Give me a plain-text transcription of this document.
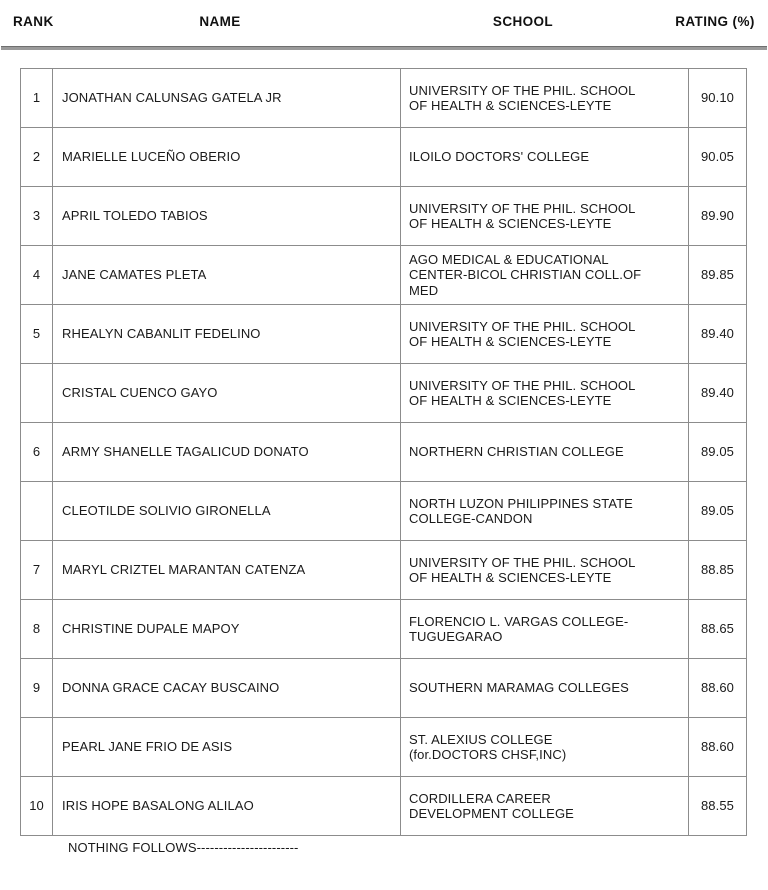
RANK	NAME	SCHOOL	RATING (%)
1	JONATHAN CALUNSAG GATELA JR	UNIVERSITY OF THE PHIL. SCHOOL
OF HEALTH & SCIENCES-LEYTE	90.10
2	MARIELLE LUCEÑO OBERIO	ILOILO DOCTORS' COLLEGE	90.05
3	APRIL TOLEDO TABIOS	UNIVERSITY OF THE PHIL. SCHOOL
OF HEALTH & SCIENCES-LEYTE	89.90
4	JANE CAMATES PLETA	AGO MEDICAL & EDUCATIONAL
CENTER-BICOL CHRISTIAN COLL.OF
MED	89.85
5	RHEALYN CABANLIT FEDELINO	UNIVERSITY OF THE PHIL. SCHOOL
OF HEALTH & SCIENCES-LEYTE	89.40
	CRISTAL CUENCO GAYO	UNIVERSITY OF THE PHIL. SCHOOL
OF HEALTH & SCIENCES-LEYTE	89.40
6	ARMY SHANELLE TAGALICUD DONATO	NORTHERN CHRISTIAN COLLEGE	89.05
	CLEOTILDE SOLIVIO GIRONELLA	NORTH LUZON PHILIPPINES STATE
COLLEGE-CANDON	89.05
7	MARYL CRIZTEL MARANTAN CATENZA	UNIVERSITY OF THE PHIL. SCHOOL
OF HEALTH & SCIENCES-LEYTE	88.85
8	CHRISTINE DUPALE MAPOY	FLORENCIO L. VARGAS COLLEGE-
TUGUEGARAO	88.65
9	DONNA GRACE CACAY BUSCAINO	SOUTHERN MARAMAG COLLEGES	88.60
	PEARL JANE FRIO DE ASIS	ST. ALEXIUS COLLEGE
(for.DOCTORS CHSF,INC)	88.60
10	IRIS HOPE BASALONG ALILAO	CORDILLERA CAREER
DEVELOPMENT COLLEGE	88.55
NOTHING FOLLOWS-----------------------
